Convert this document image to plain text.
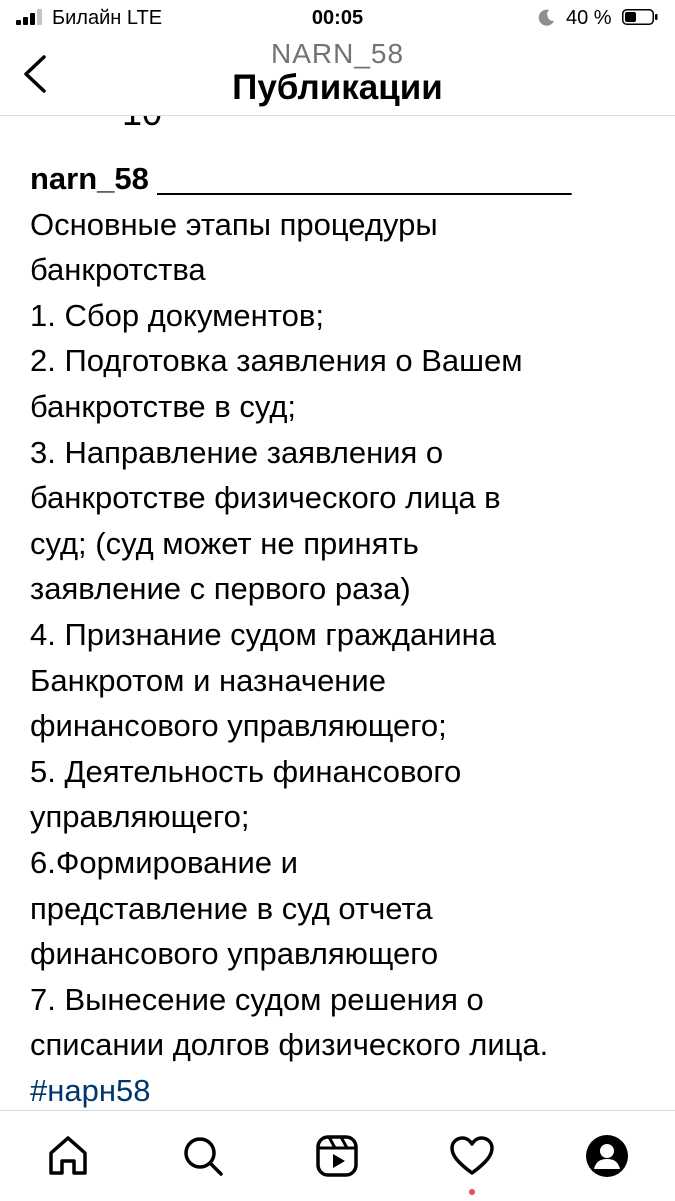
Билайн LTE	00:05	40 %
NARN_58
Публикации
narn_58 ________________________
Основные этапы процедуры
банкротства
1. Сбор документов;
2. Подготовка заявления о Вашем
банкротстве в суд;
3. Направление заявления о
банкротстве физического лица в
суд; (суд может не принять
заявление с первого раза)
4. Признание судом гражданина
Банкротом и назначение
финансового управляющего;
5. Деятельность финансового
управляющего;
6.Формирование и
представление в суд отчета
финансового управляющего
7. Вынесение судом решения о
списании долгов физического лица.
#нарн58
